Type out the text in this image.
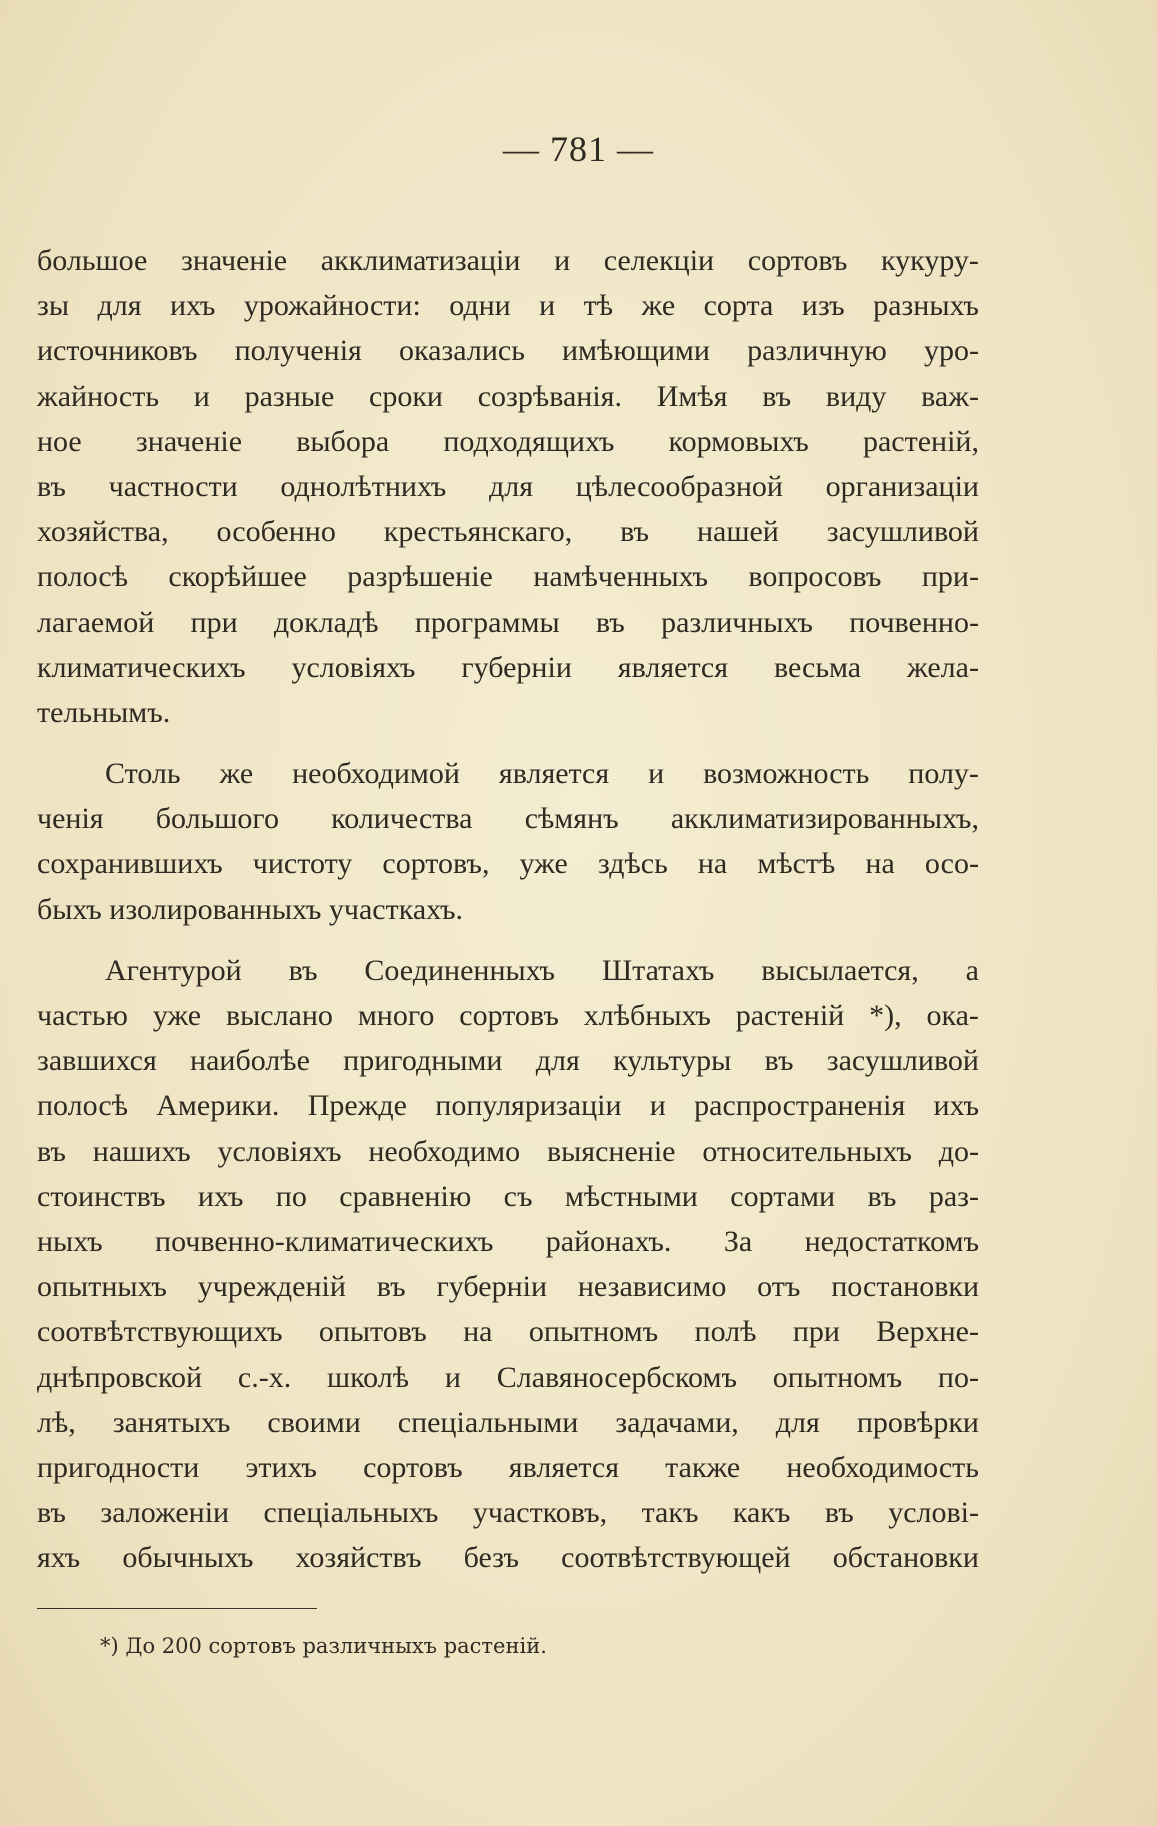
— 781 —
большое значеніе акклиматизаціи и селекціи сортовъ кукуру-
зы для ихъ урожайности: одни и тѣ же сорта изъ разныхъ
источниковъ полученія оказались имѣющими различную уро-
жайность и разные сроки созрѣванія. Имѣя въ виду важ-
ное значеніе выбора подходящихъ кормовыхъ растеній,
въ частности однолѣтнихъ для цѣлесообразной организаціи
хозяйства, особенно крестьянскаго, въ нашей засушливой
полосѣ скорѣйшее разрѣшеніе намѣченныхъ вопросовъ при-
лагаемой при докладѣ программы въ различныхъ почвенно-
климатическихъ условіяхъ губерніи является весьма жела-
тельнымъ.
Столь же необходимой является и возможность полу-
ченія большого количества сѣмянъ акклиматизированныхъ,
сохранившихъ чистоту сортовъ, уже здѣсь на мѣстѣ на осо-
быхъ изолированныхъ участкахъ.
Агентурой въ Соединенныхъ Штатахъ высылается, а
частью уже выслано много сортовъ хлѣбныхъ растеній *), ока-
завшихся наиболѣе пригодными для культуры въ засушливой
полосѣ Америки. Прежде популяризаціи и распространенія ихъ
въ нашихъ условіяхъ необходимо выясненіе относительныхъ до-
стоинствъ ихъ по сравненію съ мѣстными сортами въ раз-
ныхъ почвенно-климатическихъ районахъ. За недостаткомъ
опытныхъ учрежденій въ губерніи независимо отъ постановки
соотвѣтствующихъ опытовъ на опытномъ полѣ при Верхне-
днѣпровской с.-х. школѣ и Славяносербскомъ опытномъ по-
лѣ, занятыхъ своими спеціальными задачами, для провѣрки
пригодности этихъ сортовъ является также необходимость
въ заложеніи спеціальныхъ участковъ, такъ какъ въ услові-
яхъ обычныхъ хозяйствъ безъ соотвѣтствующей обстановки
*) До 200 сортовъ различныхъ растеній.
